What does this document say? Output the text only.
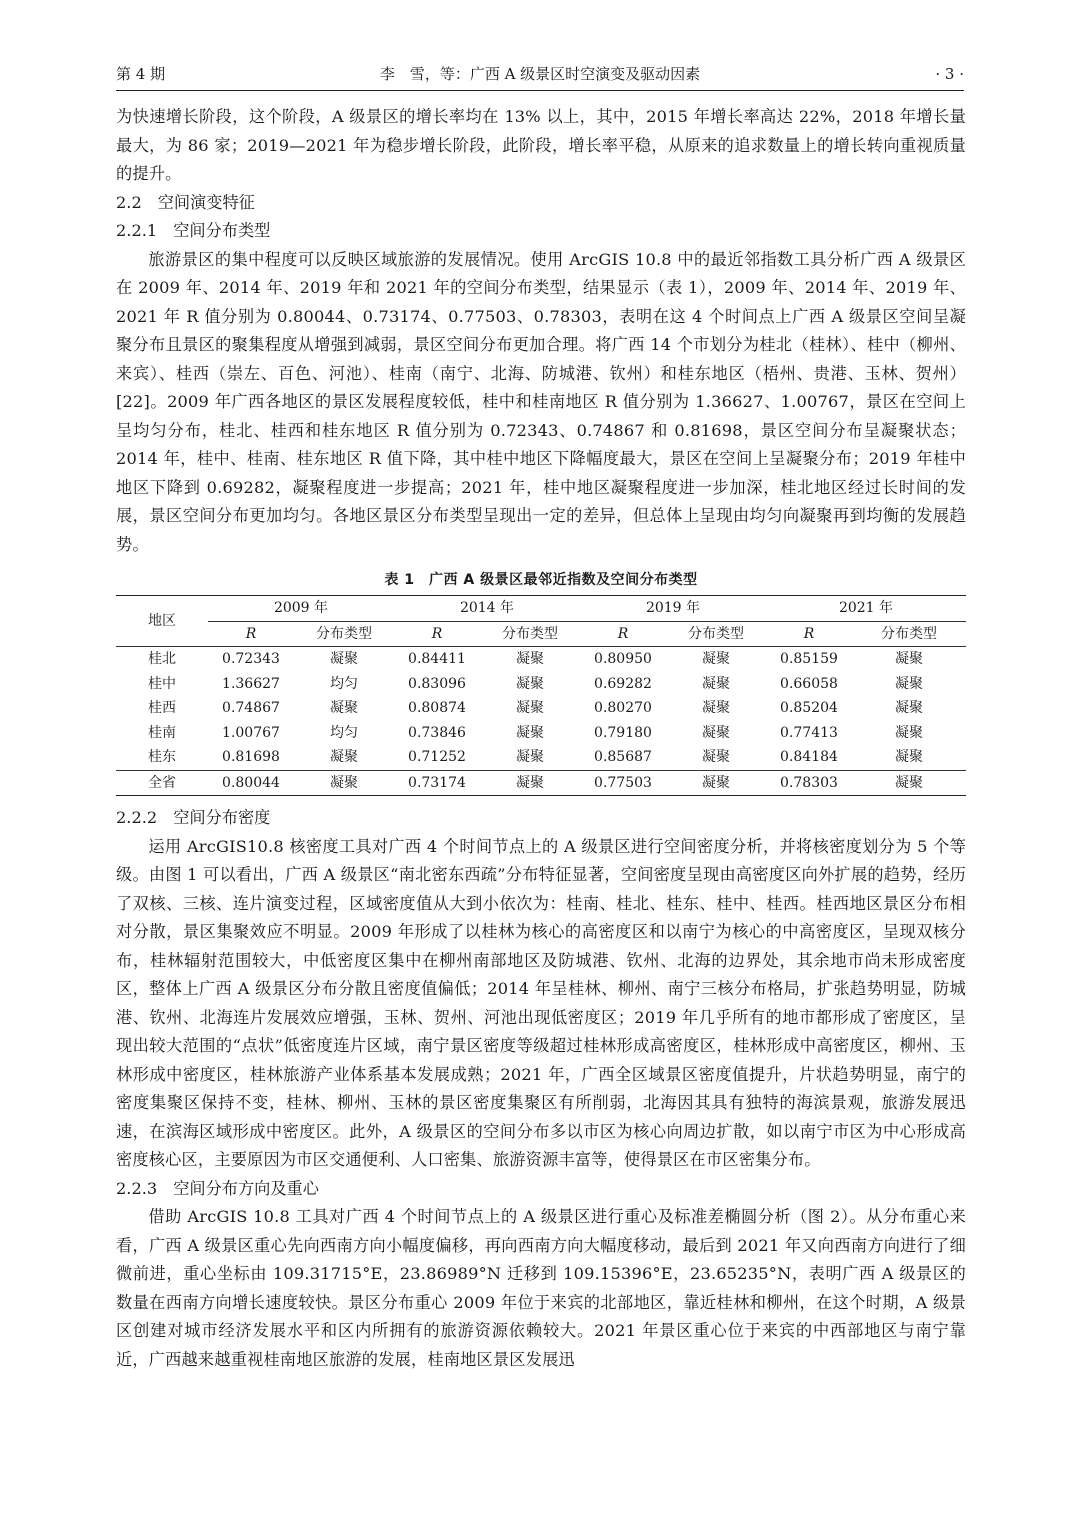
第 4 期	李　雪，等：广西 A 级景区时空演变及驱动因素	· 3 ·

为快速增长阶段，这个阶段，A 级景区的增长率均在 13% 以上，其中，2015 年增长率高达 22%，2018 年增长量最大，为 86 家；2019—2021 年为稳步增长阶段，此阶段，增长率平稳，从原来的追求数量上的增长转向重视质量的提升。

2.2 空间演变特征

2.2.1 空间分布类型

旅游景区的集中程度可以反映区域旅游的发展情况。使用 ArcGIS 10.8 中的最近邻指数工具分析广西 A 级景区在 2009 年、2014 年、2019 年和 2021 年的空间分布类型，结果显示（表 1），2009 年、2014 年、2019 年、2021 年 R 值分别为 0.80044、0.73174、0.77503、0.78303，表明在这 4 个时间点上广西 A 级景区空间呈凝聚分布且景区的聚集程度从增强到减弱，景区空间分布更加合理。将广西 14 个市划分为桂北（桂林）、桂中（柳州、来宾）、桂西（崇左、百色、河池）、桂南（南宁、北海、防城港、钦州）和桂东地区（梧州、贵港、玉林、贺州）[22]。2009 年广西各地区的景区发展程度较低，桂中和桂南地区 R 值分别为 1.36627、1.00767，景区在空间上呈均匀分布，桂北、桂西和桂东地区 R 值分别为 0.72343、0.74867 和 0.81698，景区空间分布呈凝聚状态；2014 年，桂中、桂南、桂东地区 R 值下降，其中桂中地区下降幅度最大，景区在空间上呈凝聚分布；2019 年桂中地区下降到 0.69282，凝聚程度进一步提高；2021 年，桂中地区凝聚程度进一步加深，桂北地区经过长时间的发展，景区空间分布更加均匀。各地区景区分布类型呈现出一定的差异，但总体上呈现由均匀向凝聚再到均衡的发展趋势。

表 1　广西 A 级景区最邻近指数及空间分布类型
地区	2009 年		2014 年		2019 年		2021 年	
	R	分布类型	R	分布类型	R	分布类型	R	分布类型
桂北	0.72343	凝聚	0.84411	凝聚	0.80950	凝聚	0.85159	凝聚
桂中	1.36627	均匀	0.83096	凝聚	0.69282	凝聚	0.66058	凝聚
桂西	0.74867	凝聚	0.80874	凝聚	0.80270	凝聚	0.85204	凝聚
桂南	1.00767	均匀	0.73846	凝聚	0.79180	凝聚	0.77413	凝聚
桂东	0.81698	凝聚	0.71252	凝聚	0.85687	凝聚	0.84184	凝聚
全省	0.80044	凝聚	0.73174	凝聚	0.77503	凝聚	0.78303	凝聚

2.2.2 空间分布密度

运用 ArcGIS10.8 核密度工具对广西 4 个时间节点上的 A 级景区进行空间密度分析，并将核密度划分为 5 个等级。由图 1 可以看出，广西 A 级景区“南北密东西疏”分布特征显著，空间密度呈现由高密度区向外扩展的趋势，经历了双核、三核、连片演变过程，区域密度值从大到小依次为：桂南、桂北、桂东、桂中、桂西。桂西地区景区分布相对分散，景区集聚效应不明显。2009 年形成了以桂林为核心的高密度区和以南宁为核心的中高密度区，呈现双核分布，桂林辐射范围较大，中低密度区集中在柳州南部地区及防城港、钦州、北海的边界处，其余地市尚未形成密度区，整体上广西 A 级景区分布分散且密度值偏低；2014 年呈桂林、柳州、南宁三核分布格局，扩张趋势明显，防城港、钦州、北海连片发展效应增强，玉林、贺州、河池出现低密度区；2019 年几乎所有的地市都形成了密度区，呈现出较大范围的“点状”低密度连片区域，南宁景区密度等级超过桂林形成高密度区，桂林形成中高密度区，柳州、玉林形成中密度区，桂林旅游产业体系基本发展成熟；2021 年，广西全区域景区密度值提升，片状趋势明显，南宁的密度集聚区保持不变，桂林、柳州、玉林的景区密度集聚区有所削弱，北海因其具有独特的海滨景观，旅游发展迅速，在滨海区域形成中密度区。此外，A 级景区的空间分布多以市区为核心向周边扩散，如以南宁市区为中心形成高密度核心区，主要原因为市区交通便利、人口密集、旅游资源丰富等，使得景区在市区密集分布。

2.2.3 空间分布方向及重心

借助 ArcGIS 10.8 工具对广西 4 个时间节点上的 A 级景区进行重心及标准差椭圆分析（图 2）。从分布重心来看，广西 A 级景区重心先向西南方向小幅度偏移，再向西南方向大幅度移动，最后到 2021 年又向西南方向进行了细微前进，重心坐标由 109.31715°E，23.86989°N 迁移到 109.15396°E，23.65235°N，表明广西 A 级景区的数量在西南方向增长速度较快。景区分布重心 2009 年位于来宾的北部地区，靠近桂林和柳州，在这个时期，A 级景区创建对城市经济发展水平和区内所拥有的旅游资源依赖较大。2021 年景区重心位于来宾的中西部地区与南宁靠近，广西越来越重视桂南地区旅游的发展，桂南地区景区发展迅
